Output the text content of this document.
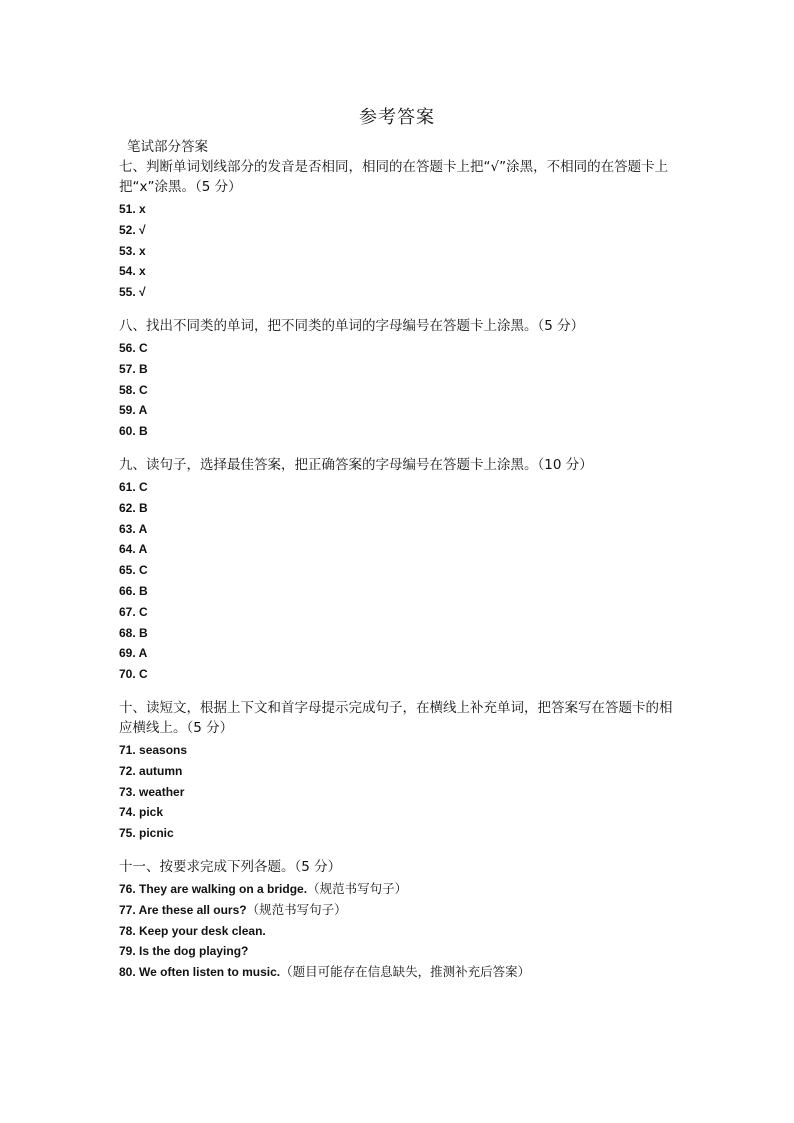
参考答案
笔试部分答案

七、判断单词划线部分的发音是否相同，相同的在答题卡上把“√”涂黑，不相同的在答题卡上把“x”涂黑。（5 分）

51. x
52. √
53. x
54. x
55. √

八、找出不同类的单词，把不同类的单词的字母编号在答题卡上涂黑。（5 分）

56. C
57. B
58. C
59. A
60. B

九、读句子，选择最佳答案，把正确答案的字母编号在答题卡上涂黑。（10 分）

61. C
62. B
63. A
64. A
65. C
66. B
67. C
68. B
69. A
70. C

十、读短文，根据上下文和首字母提示完成句子，在横线上补充单词，把答案写在答题卡的相应横线上。（5 分）

71. seasons
72. autumn
73. weather
74. pick
75. picnic

十一、按要求完成下列各题。（5 分）

76. They are walking on a bridge.（规范书写句子）
77. Are these all ours?（规范书写句子）
78. Keep your desk clean.
79. Is the dog playing?
80. We often listen to music.（题目可能存在信息缺失，推测补充后答案）
